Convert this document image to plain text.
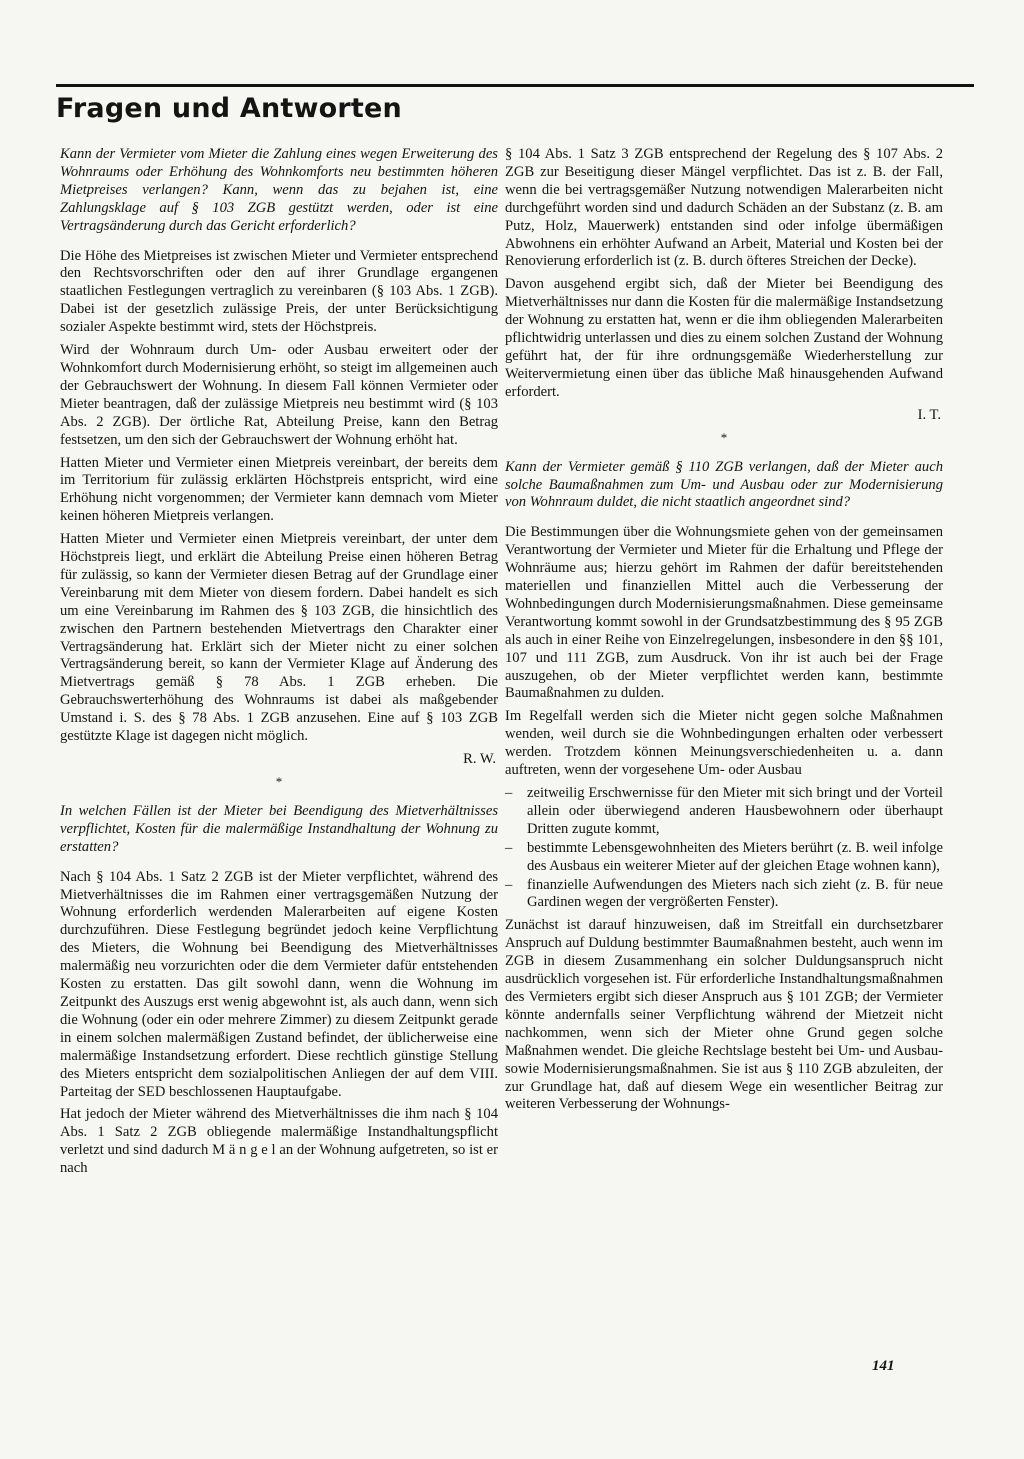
Fragen und Antworten

Kann der Vermieter vom Mieter die Zahlung eines wegen Erweiterung des Wohnraums oder Erhöhung des Wohnkomforts neu bestimmten höheren Mietpreises verlangen? Kann, wenn das zu bejahen ist, eine Zahlungsklage auf § 103 ZGB gestützt werden, oder ist eine Vertragsänderung durch das Gericht erforderlich?

Die Höhe des Mietpreises ist zwischen Mieter und Vermieter entsprechend den Rechtsvorschriften oder den auf ihrer Grundlage ergangenen staatlichen Festlegungen vertraglich zu vereinbaren (§ 103 Abs. 1 ZGB). Dabei ist der gesetzlich zulässige Preis, der unter Berücksichtigung sozialer Aspekte bestimmt wird, stets der Höchstpreis.

Wird der Wohnraum durch Um- oder Ausbau erweitert oder der Wohnkomfort durch Modernisierung erhöht, so steigt im allgemeinen auch der Gebrauchswert der Wohnung. In diesem Fall können Vermieter oder Mieter beantragen, daß der zulässige Mietpreis neu bestimmt wird (§ 103 Abs. 2 ZGB). Der örtliche Rat, Abteilung Preise, kann den Betrag festsetzen, um den sich der Gebrauchswert der Wohnung erhöht hat.

Hatten Mieter und Vermieter einen Mietpreis vereinbart, der bereits dem im Territorium für zulässig erklärten Höchstpreis entspricht, wird eine Erhöhung nicht vorgenommen; der Vermieter kann demnach vom Mieter keinen höheren Mietpreis verlangen.

Hatten Mieter und Vermieter einen Mietpreis vereinbart, der unter dem Höchstpreis liegt, und erklärt die Abteilung Preise einen höheren Betrag für zulässig, so kann der Vermieter diesen Betrag auf der Grundlage einer Vereinbarung mit dem Mieter von diesem fordern. Dabei handelt es sich um eine Vereinbarung im Rahmen des § 103 ZGB, die hinsichtlich des zwischen den Partnern bestehenden Mietvertrags den Charakter einer Vertragsänderung hat. Erklärt sich der Mieter nicht zu einer solchen Vertragsänderung bereit, so kann der Vermieter Klage auf Änderung des Mietvertrags gemäß § 78 Abs. 1 ZGB erheben. Die Gebrauchswerterhöhung des Wohnraums ist dabei als maßgebender Umstand i. S. des § 78 Abs. 1 ZGB anzusehen. Eine auf § 103 ZGB gestützte Klage ist dagegen nicht möglich.

R. W.

*

In welchen Fällen ist der Mieter bei Beendigung des Mietverhältnisses verpflichtet, Kosten für die malermäßige Instandhaltung der Wohnung zu erstatten?

Nach § 104 Abs. 1 Satz 2 ZGB ist der Mieter verpflichtet, während des Mietverhältnisses die im Rahmen einer vertragsgemäßen Nutzung der Wohnung erforderlich werdenden Malerarbeiten auf eigene Kosten durchzuführen. Diese Festlegung begründet jedoch keine Verpflichtung des Mieters, die Wohnung bei Beendigung des Mietverhältnisses malermäßig neu vorzurichten oder die dem Vermieter dafür entstehenden Kosten zu erstatten. Das gilt sowohl dann, wenn die Wohnung im Zeitpunkt des Auszugs erst wenig abgewohnt ist, als auch dann, wenn sich die Wohnung (oder ein oder mehrere Zimmer) zu diesem Zeitpunkt gerade in einem solchen malermäßigen Zustand befindet, der üblicherweise eine malermäßige Instandsetzung erfordert. Diese rechtlich günstige Stellung des Mieters entspricht dem sozialpolitischen Anliegen der auf dem VIII. Parteitag der SED beschlossenen Hauptaufgabe.

Hat jedoch der Mieter während des Mietverhältnisses die ihm nach § 104 Abs. 1 Satz 2 ZGB obliegende malermäßige Instandhaltungspflicht verletzt und sind dadurch M ä n g e l an der Wohnung aufgetreten, so ist er nach

§ 104 Abs. 1 Satz 3 ZGB entsprechend der Regelung des § 107 Abs. 2 ZGB zur Beseitigung dieser Mängel verpflichtet. Das ist z. B. der Fall, wenn die bei vertragsgemäßer Nutzung notwendigen Malerarbeiten nicht durchgeführt worden sind und dadurch Schäden an der Substanz (z. B. am Putz, Holz, Mauerwerk) entstanden sind oder infolge übermäßigen Abwohnens ein erhöhter Aufwand an Arbeit, Material und Kosten bei der Renovierung erforderlich ist (z. B. durch öfteres Streichen der Decke).

Davon ausgehend ergibt sich, daß der Mieter bei Beendigung des Mietverhältnisses nur dann die Kosten für die malermäßige Instandsetzung der Wohnung zu erstatten hat, wenn er die ihm obliegenden Malerarbeiten pflichtwidrig unterlassen und dies zu einem solchen Zustand der Wohnung geführt hat, der für ihre ordnungsgemäße Wiederherstellung zur Weitervermietung einen über das übliche Maß hinausgehenden Aufwand erfordert.

I. T.

*

Kann der Vermieter gemäß § 110 ZGB verlangen, daß der Mieter auch solche Baumaßnahmen zum Um- und Ausbau oder zur Modernisierung von Wohnraum duldet, die nicht staatlich angeordnet sind?

Die Bestimmungen über die Wohnungsmiete gehen von der gemeinsamen Verantwortung der Vermieter und Mieter für die Erhaltung und Pflege der Wohnräume aus; hierzu gehört im Rahmen der dafür bereitstehenden materiellen und finanziellen Mittel auch die Verbesserung der Wohnbedingungen durch Modernisierungsmaßnahmen. Diese gemeinsame Verantwortung kommt sowohl in der Grundsatzbestimmung des § 95 ZGB als auch in einer Reihe von Einzelregelungen, insbesondere in den §§ 101, 107 und 111 ZGB, zum Ausdruck. Von ihr ist auch bei der Frage auszugehen, ob der Mieter verpflichtet werden kann, bestimmte Baumaßnahmen zu dulden.

Im Regelfall werden sich die Mieter nicht gegen solche Maßnahmen wenden, weil durch sie die Wohnbedingungen erhalten oder verbessert werden. Trotzdem können Meinungsverschiedenheiten u. a. dann auftreten, wenn der vorgesehene Um- oder Ausbau

– zeitweilig Erschwernisse für den Mieter mit sich bringt und der Vorteil allein oder überwiegend anderen Hausbewohnern oder überhaupt Dritten zugute kommt,
– bestimmte Lebensgewohnheiten des Mieters berührt (z. B. weil infolge des Ausbaus ein weiterer Mieter auf der gleichen Etage wohnen kann),
– finanzielle Aufwendungen des Mieters nach sich zieht (z. B. für neue Gardinen wegen der vergrößerten Fenster).

Zunächst ist darauf hinzuweisen, daß im Streitfall ein durchsetzbarer Anspruch auf Duldung bestimmter Baumaßnahmen besteht, auch wenn im ZGB in diesem Zusammenhang ein solcher Duldungsanspruch nicht ausdrücklich vorgesehen ist. Für erforderliche Instandhaltungsmaßnahmen des Vermieters ergibt sich dieser Anspruch aus § 101 ZGB; der Vermieter könnte andernfalls seiner Verpflichtung während der Mietzeit nicht nachkommen, wenn sich der Mieter ohne Grund gegen solche Maßnahmen wendet. Die gleiche Rechtslage besteht bei Um- und Ausbau- sowie Modernisierungsmaßnahmen. Sie ist aus § 110 ZGB abzuleiten, der zur Grundlage hat, daß auf diesem Wege ein wesentlicher Beitrag zur weiteren Verbesserung der Wohnungs-

141
